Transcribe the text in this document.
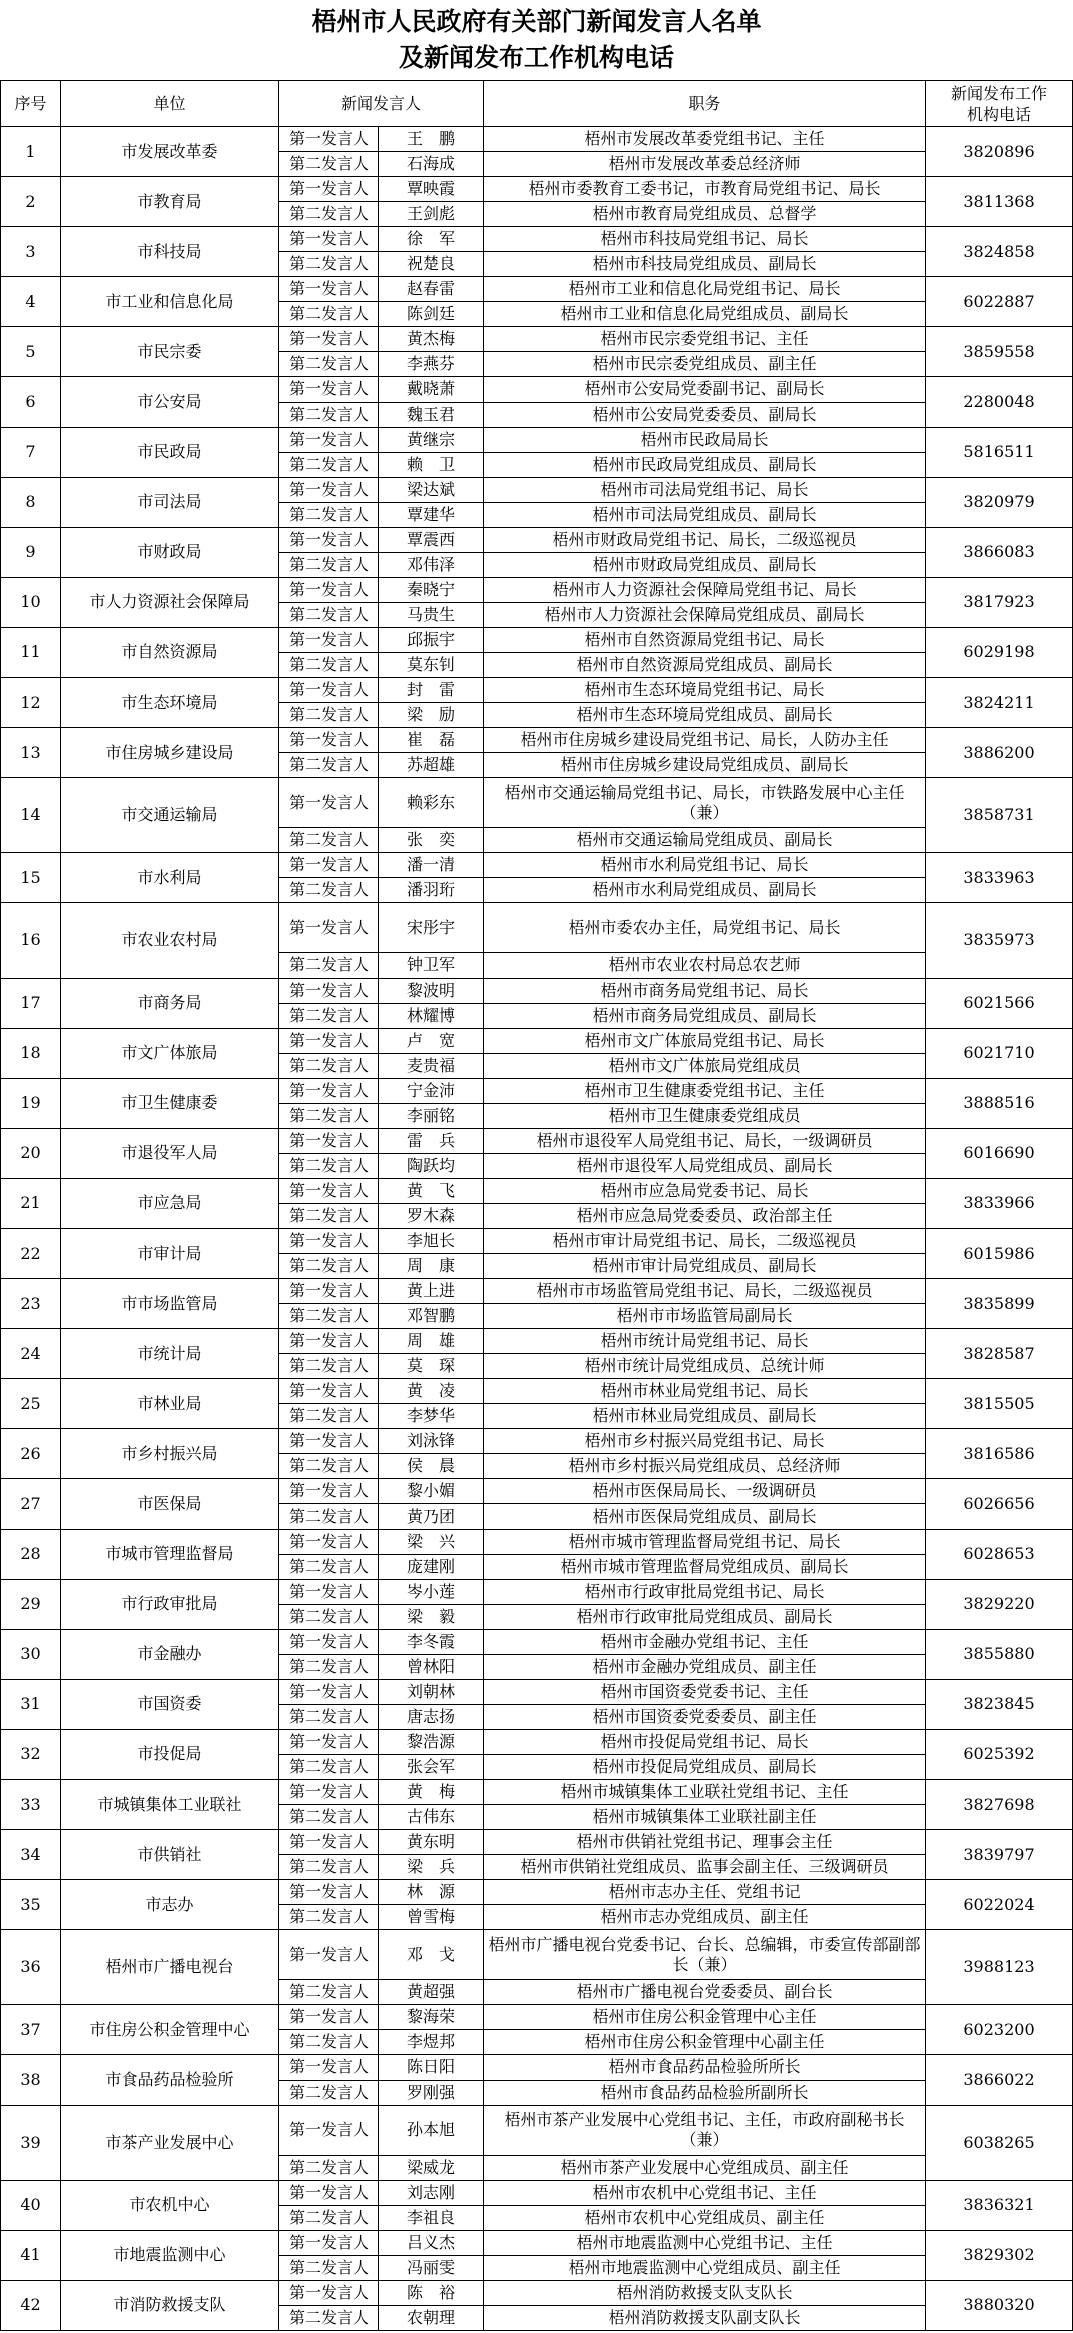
梧州市人民政府有关部门新闻发言人名单
及新闻发布工作机构电话
序号	单位	新闻发言人		职务	新闻发布工作
机构电话

1	市发展改革委	第一发言人	王　鹏	梧州市发展改革委党组书记、主任	3820896
		第二发言人	石海成	梧州市发展改革委总经济师	
2	市教育局	第一发言人	覃映霞	梧州市委教育工委书记，市教育局党组书记、局长	3811368
		第二发言人	王剑彪	梧州市教育局党组成员、总督学	
3	市科技局	第一发言人	徐　军	梧州市科技局党组书记、局长	3824858
		第二发言人	祝楚良	梧州市科技局党组成员、副局长	
4	市工业和信息化局	第一发言人	赵春雷	梧州市工业和信息化局党组书记、局长	6022887
		第二发言人	陈剑廷	梧州市工业和信息化局党组成员、副局长	
5	市民宗委	第一发言人	黄杰梅	梧州市民宗委党组书记、主任	3859558
		第二发言人	李燕芬	梧州市民宗委党组成员、副主任	
6	市公安局	第一发言人	戴晓萧	梧州市公安局党委副书记、副局长	2280048
		第二发言人	魏玉君	梧州市公安局党委委员、副局长	
7	市民政局	第一发言人	黄继宗	梧州市民政局局长	5816511
		第二发言人	赖　卫	梧州市民政局党组成员、副局长	
8	市司法局	第一发言人	梁达斌	梧州市司法局党组书记、局长	3820979
		第二发言人	覃建华	梧州市司法局党组成员、副局长	
9	市财政局	第一发言人	覃震西	梧州市财政局党组书记、局长，二级巡视员	3866083
		第二发言人	邓伟泽	梧州市财政局党组成员、副局长	
10	市人力资源社会保障局	第一发言人	秦晓宁	梧州市人力资源社会保障局党组书记、局长	3817923
		第二发言人	马贵生	梧州市人力资源社会保障局党组成员、副局长	
11	市自然资源局	第一发言人	邱振宇	梧州市自然资源局党组书记、局长	6029198
		第二发言人	莫东钊	梧州市自然资源局党组成员、副局长	
12	市生态环境局	第一发言人	封　雷	梧州市生态环境局党组书记、局长	3824211
		第二发言人	梁　励	梧州市生态环境局党组成员、副局长	
13	市住房城乡建设局	第一发言人	崔　磊	梧州市住房城乡建设局党组书记、局长，人防办主任	3886200
		第二发言人	苏超雄	梧州市住房城乡建设局党组成员、副局长	
14	市交通运输局	第一发言人	赖彩东	梧州市交通运输局党组书记、局长，市铁路发展中心主任（兼）	3858731
		第二发言人	张　奕	梧州市交通运输局党组成员、副局长	
15	市水利局	第一发言人	潘一清	梧州市水利局党组书记、局长	3833963
		第二发言人	潘羽珩	梧州市水利局党组成员、副局长	
16	市农业农村局	第一发言人	宋彤宇	梧州市委农办主任，局党组书记、局长	3835973
		第二发言人	钟卫军	梧州市农业农村局总农艺师	
17	市商务局	第一发言人	黎波明	梧州市商务局党组书记、局长	6021566
		第二发言人	林耀博	梧州市商务局党组成员、副局长	
18	市文广体旅局	第一发言人	卢　宽	梧州市文广体旅局党组书记、局长	6021710
		第二发言人	麦贵福	梧州市文广体旅局党组成员	
19	市卫生健康委	第一发言人	宁金沛	梧州市卫生健康委党组书记、主任	3888516
		第二发言人	李丽铭	梧州市卫生健康委党组成员	
20	市退役军人局	第一发言人	雷　兵	梧州市退役军人局党组书记、局长，一级调研员	6016690
		第二发言人	陶跃均	梧州市退役军人局党组成员、副局长	
21	市应急局	第一发言人	黄　飞	梧州市应急局党委书记、局长	3833966
		第二发言人	罗木森	梧州市应急局党委委员、政治部主任	
22	市审计局	第一发言人	李旭长	梧州市审计局党组书记、局长，二级巡视员	6015986
		第二发言人	周　康	梧州市审计局党组成员、副局长	
23	市市场监管局	第一发言人	黄上进	梧州市市场监管局党组书记、局长，二级巡视员	3835899
		第二发言人	邓智鹏	梧州市市场监管局副局长	
24	市统计局	第一发言人	周　雄	梧州市统计局党组书记、局长	3828587
		第二发言人	莫　琛	梧州市统计局党组成员、总统计师	
25	市林业局	第一发言人	黄　凌	梧州市林业局党组书记、局长	3815505
		第二发言人	李梦华	梧州市林业局党组成员、副局长	
26	市乡村振兴局	第一发言人	刘泳锋	梧州市乡村振兴局党组书记、局长	3816586
		第二发言人	侯　晨	梧州市乡村振兴局党组成员、总经济师	
27	市医保局	第一发言人	黎小媚	梧州市医保局局长、一级调研员	6026656
		第二发言人	黄乃团	梧州市医保局党组成员、副局长	
28	市城市管理监督局	第一发言人	梁　兴	梧州市城市管理监督局党组书记、局长	6028653
		第二发言人	庞建刚	梧州市城市管理监督局党组成员、副局长	
29	市行政审批局	第一发言人	岑小莲	梧州市行政审批局党组书记、局长	3829220
		第二发言人	梁　毅	梧州市行政审批局党组成员、副局长	
30	市金融办	第一发言人	李冬霞	梧州市金融办党组书记、主任	3855880
		第二发言人	曾林阳	梧州市金融办党组成员、副主任	
31	市国资委	第一发言人	刘朝林	梧州市国资委党委书记、主任	3823845
		第二发言人	唐志扬	梧州市国资委党委委员、副主任	
32	市投促局	第一发言人	黎浩源	梧州市投促局党组书记、局长	6025392
		第二发言人	张会军	梧州市投促局党组成员、副局长	
33	市城镇集体工业联社	第一发言人	黄　梅	梧州市城镇集体工业联社党组书记、主任	3827698
		第二发言人	古伟东	梧州市城镇集体工业联社副主任	
34	市供销社	第一发言人	黄东明	梧州市供销社党组书记、理事会主任	3839797
		第二发言人	梁　兵	梧州市供销社党组成员、监事会副主任、三级调研员	
35	市志办	第一发言人	林　源	梧州市志办主任、党组书记	6022024
		第二发言人	曾雪梅	梧州市志办党组成员、副主任	
36	梧州市广播电视台	第一发言人	邓　戈	梧州市广播电视台党委书记、台长、总编辑，市委宣传部副部长（兼）	3988123
		第二发言人	黄超强	梧州市广播电视台党委委员、副台长	
37	市住房公积金管理中心	第一发言人	黎海荣	梧州市住房公积金管理中心主任	6023200
		第二发言人	李煜邦	梧州市住房公积金管理中心副主任	
38	市食品药品检验所	第一发言人	陈日阳	梧州市食品药品检验所所长	3866022
		第二发言人	罗刚强	梧州市食品药品检验所副所长	
39	市茶产业发展中心	第一发言人	孙本旭	梧州市茶产业发展中心党组书记、主任，市政府副秘书长（兼）	6038265
		第二发言人	梁威龙	梧州市茶产业发展中心党组成员、副主任	
40	市农机中心	第一发言人	刘志刚	梧州市农机中心党组书记、主任	3836321
		第二发言人	李祖良	梧州市农机中心党组成员、副主任	
41	市地震监测中心	第一发言人	吕义杰	梧州市地震监测中心党组书记、主任	3829302
		第二发言人	冯丽雯	梧州市地震监测中心党组成员、副主任	
42	市消防救援支队	第一发言人	陈　裕	梧州消防救援支队支队长	3880320
		第二发言人	农朝理	梧州消防救援支队副支队长	
